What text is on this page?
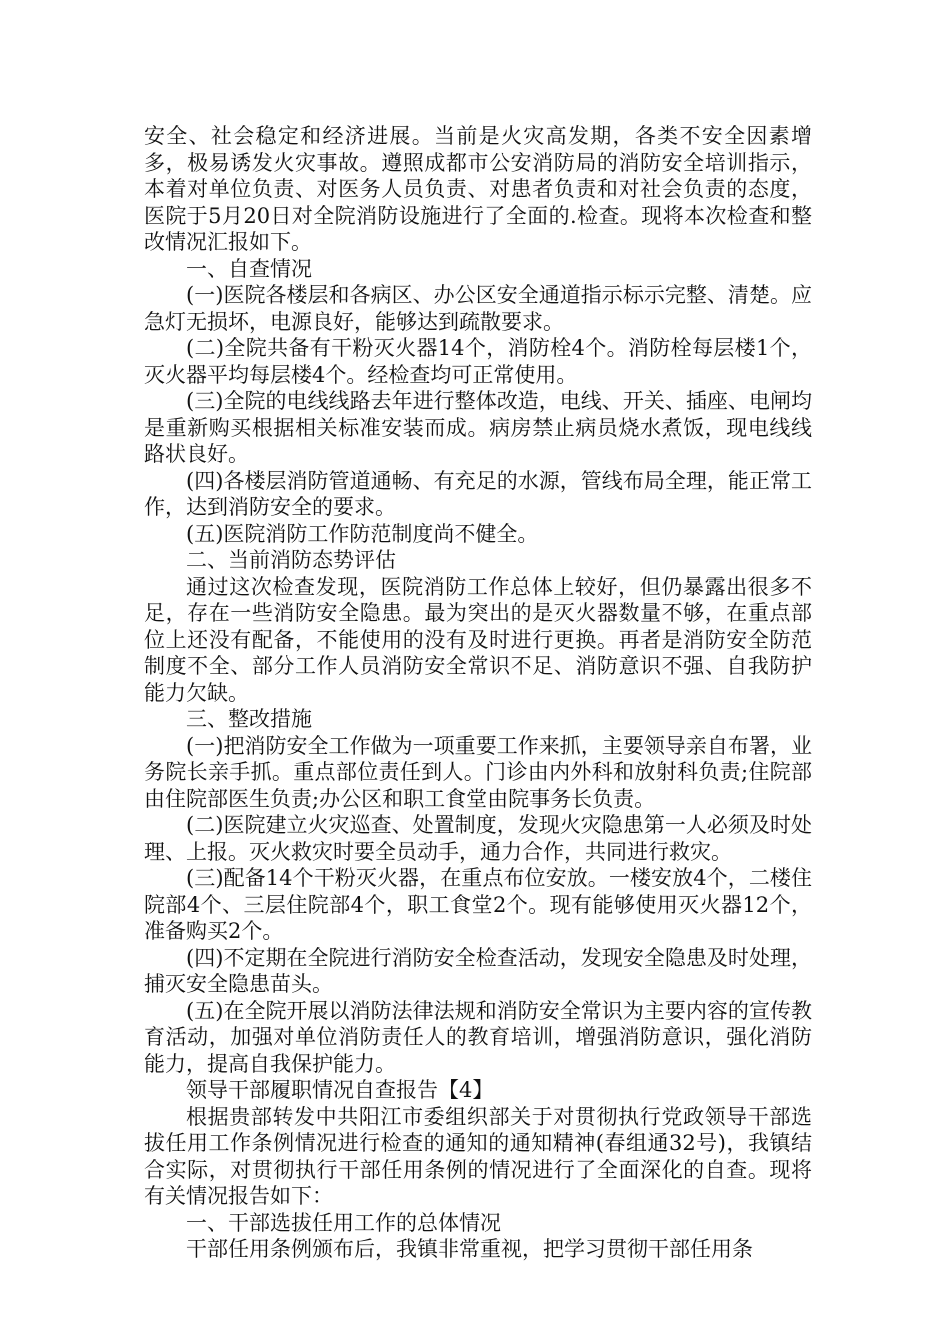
安全、社会稳定和经济进展。当前是火灾高发期，各类不安全因素增多，极易诱发火灾事故。遵照成都市公安消防局的消防安全培训指示，本着对单位负责、对医务人员负责、对患者负责和对社会负责的态度，医院于5月20日对全院消防设施进行了全面的.检查。现将本次检查和整改情况汇报如下。

一、自查情况

(一)医院各楼层和各病区、办公区安全通道指示标示完整、清楚。应急灯无损坏，电源良好，能够达到疏散要求。

(二)全院共备有干粉灭火器14个，消防栓4个。消防栓每层楼1个，灭火器平均每层楼4个。经检查均可正常使用。

(三)全院的电线线路去年进行整体改造，电线、开关、插座、电闸均是重新购买根据相关标准安装而成。病房禁止病员烧水煮饭，现电线线路状良好。

(四)各楼层消防管道通畅、有充足的水源，管线布局全理，能正常工作，达到消防安全的要求。

(五)医院消防工作防范制度尚不健全。

二、当前消防态势评估

通过这次检查发现，医院消防工作总体上较好，但仍暴露出很多不足，存在一些消防安全隐患。最为突出的是灭火器数量不够，在重点部位上还没有配备，不能使用的没有及时进行更换。再者是消防安全防范制度不全、部分工作人员消防安全常识不足、消防意识不强、自我防护能力欠缺。

三、整改措施

(一)把消防安全工作做为一项重要工作来抓，主要领导亲自布署，业务院长亲手抓。重点部位责任到人。门诊由内外科和放射科负责;住院部由住院部医生负责;办公区和职工食堂由院事务长负责。

(二)医院建立火灾巡查、处置制度，发现火灾隐患第一人必须及时处理、上报。灭火救灾时要全员动手，通力合作，共同进行救灾。

(三)配备14个干粉灭火器，在重点布位安放。一楼安放4个，二楼住院部4个、三层住院部4个，职工食堂2个。现有能够使用灭火器12个，准备购买2个。

(四)不定期在全院进行消防安全检查活动，发现安全隐患及时处理，捕灭安全隐患苗头。

(五)在全院开展以消防法律法规和消防安全常识为主要内容的宣传教育活动，加强对单位消防责任人的教育培训，增强消防意识，强化消防能力，提高自我保护能力。

领导干部履职情况自查报告【4】

根据贵部转发中共阳江市委组织部关于对贯彻执行党政领导干部选拔任用工作条例情况进行检查的通知的通知精神(春组通32号)，我镇结合实际，对贯彻执行干部任用条例的情况进行了全面深化的自查。现将有关情况报告如下：

一、干部选拔任用工作的总体情况

干部任用条例颁布后，我镇非常重视，把学习贯彻干部任用条
